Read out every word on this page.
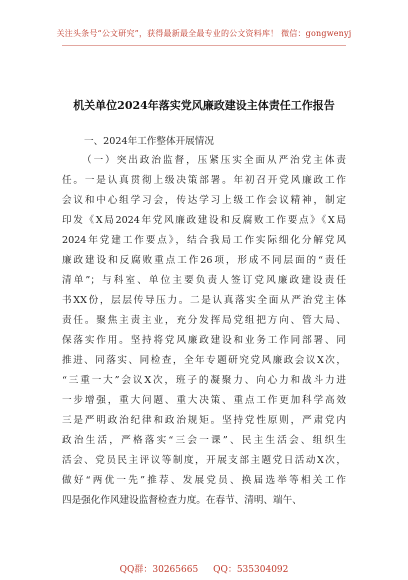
关注头条号“公文研究”，获得最新最全最专业的公文资料库！ 微信：gongwenyj
机关单位2024年落实党风廉政建设主体责任工作报告
一、2024年工作整体开展情况
（一）突出政治监督，压紧压实全面从严治党主体责
任。一是认真贯彻上级决策部署。年初召开党风廉政工作
会议和中心组学习会，传达学习上级工作会议精神，制定
印发《X局2024年党风廉政建设和反腐败工作要点》《X局
2024年党建工作要点》，结合我局工作实际细化分解党风
廉政建设和反腐败重点工作26项，形成不同层面的“责任
清单”；与科室、单位主要负责人签订党风廉政建设责任
书XX份，层层传导压力。二是认真落实全面从严治党主体
责任。聚焦主责主业，充分发挥局党组把方向、管大局、
保落实作用。坚持将党风廉政建设和业务工作同部署、同
推进、同落实、同检查，全年专题研究党风廉政会议X次，
“三重一大”会议X次，班子的凝聚力、向心力和战斗力进
一步增强，重大问题、重大决策、重点工作更加科学高效
三是严明政治纪律和政治规矩。坚持党性原则，严肃党内
政治生活，严格落实“三会一课”、民主生活会、组织生
活会、党员民主评议等制度，开展支部主题党日活动X次，
做好“两优一先”推荐、发展党员、换届选举等相关工作
四是强化作风建设监督检查力度。在春节、清明、端午、
QQ群：30265665 QQ：535304092
